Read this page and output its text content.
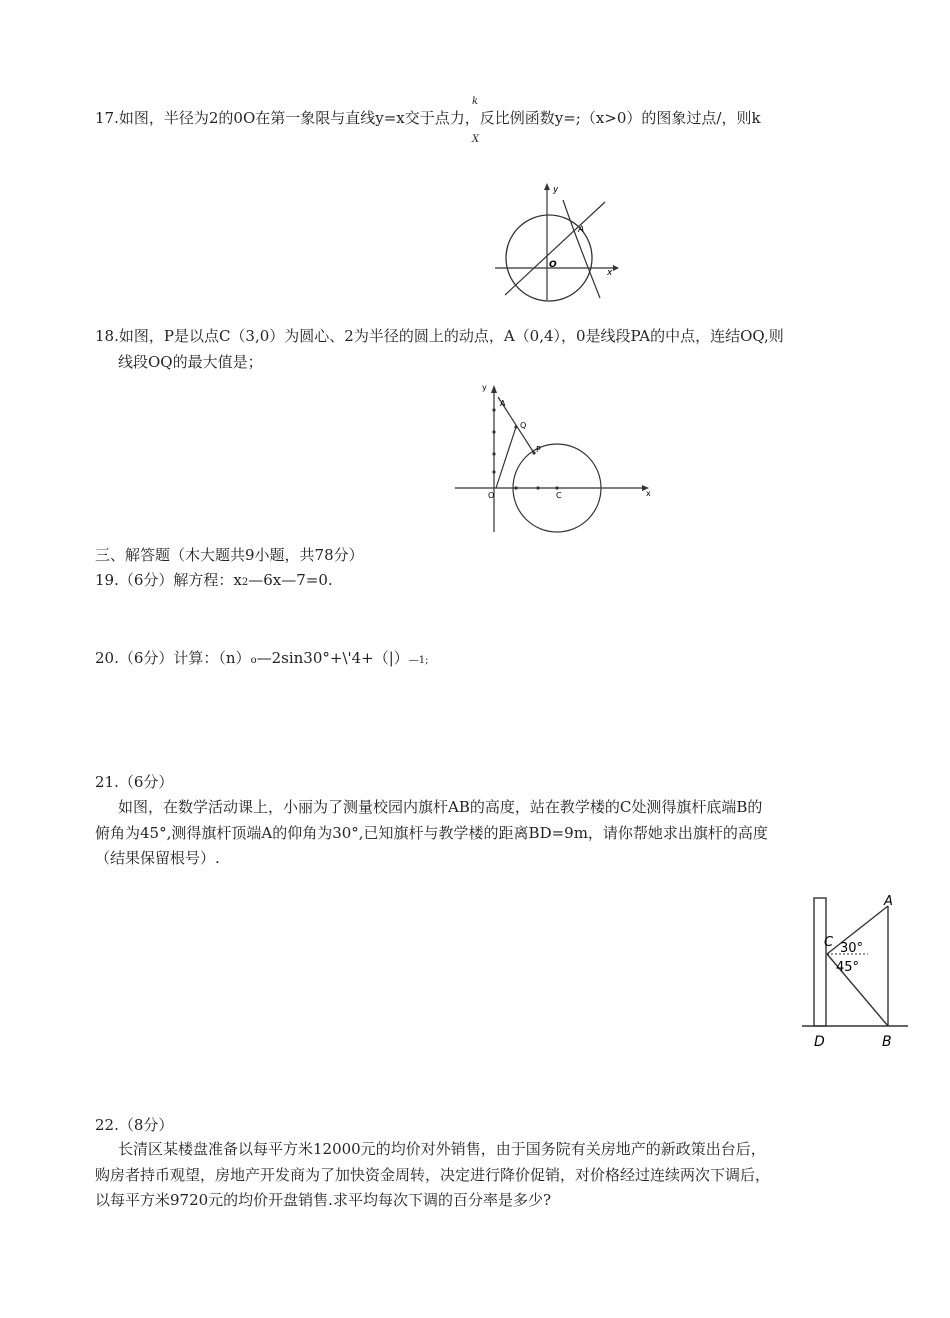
k
17.如图，半径为2的0O在第一象限与直线y=x交于点力，反比例函数y=;（x>0）的图象过点/，则k
X
y
A
O
x
18.如图，P是以点C（3,0）为圆心、2为半径的圆上的动点，A（0,4），0是线段PA的中点，连结OQ,则
线段OQ的最大值是；
y
A
Q
P
O	C	x
三、解答题（木大题共9小题，共78分）
19.（6分）解方程：x2—6x—7=0.
20.（6分）计算：（n）o—2sin30°+\'4+（|）—1;
21.（6分）
如图，在数学活动课上，小丽为了测量校园内旗杆AB的高度，站在教学楼的C处测得旗杆底端B的
俯角为45°,测得旗杆顶端A的仰角为30°,已知旗杆与教学楼的距离BD=9m，请你帮她求出旗杆的高度
（结果保留根号）.
A
C 30°
45°
D	B
22.（8分）
长清区某楼盘准备以每平方米12000元的均价对外销售，由于国务院有关房地产的新政策出台后，
购房者持币观望，房地产开发商为了加快资金周转，决定进行降价促销，对价格经过连续两次下调后，
以每平方米9720元的均价开盘销售.求平均每次下调的百分率是多少?
